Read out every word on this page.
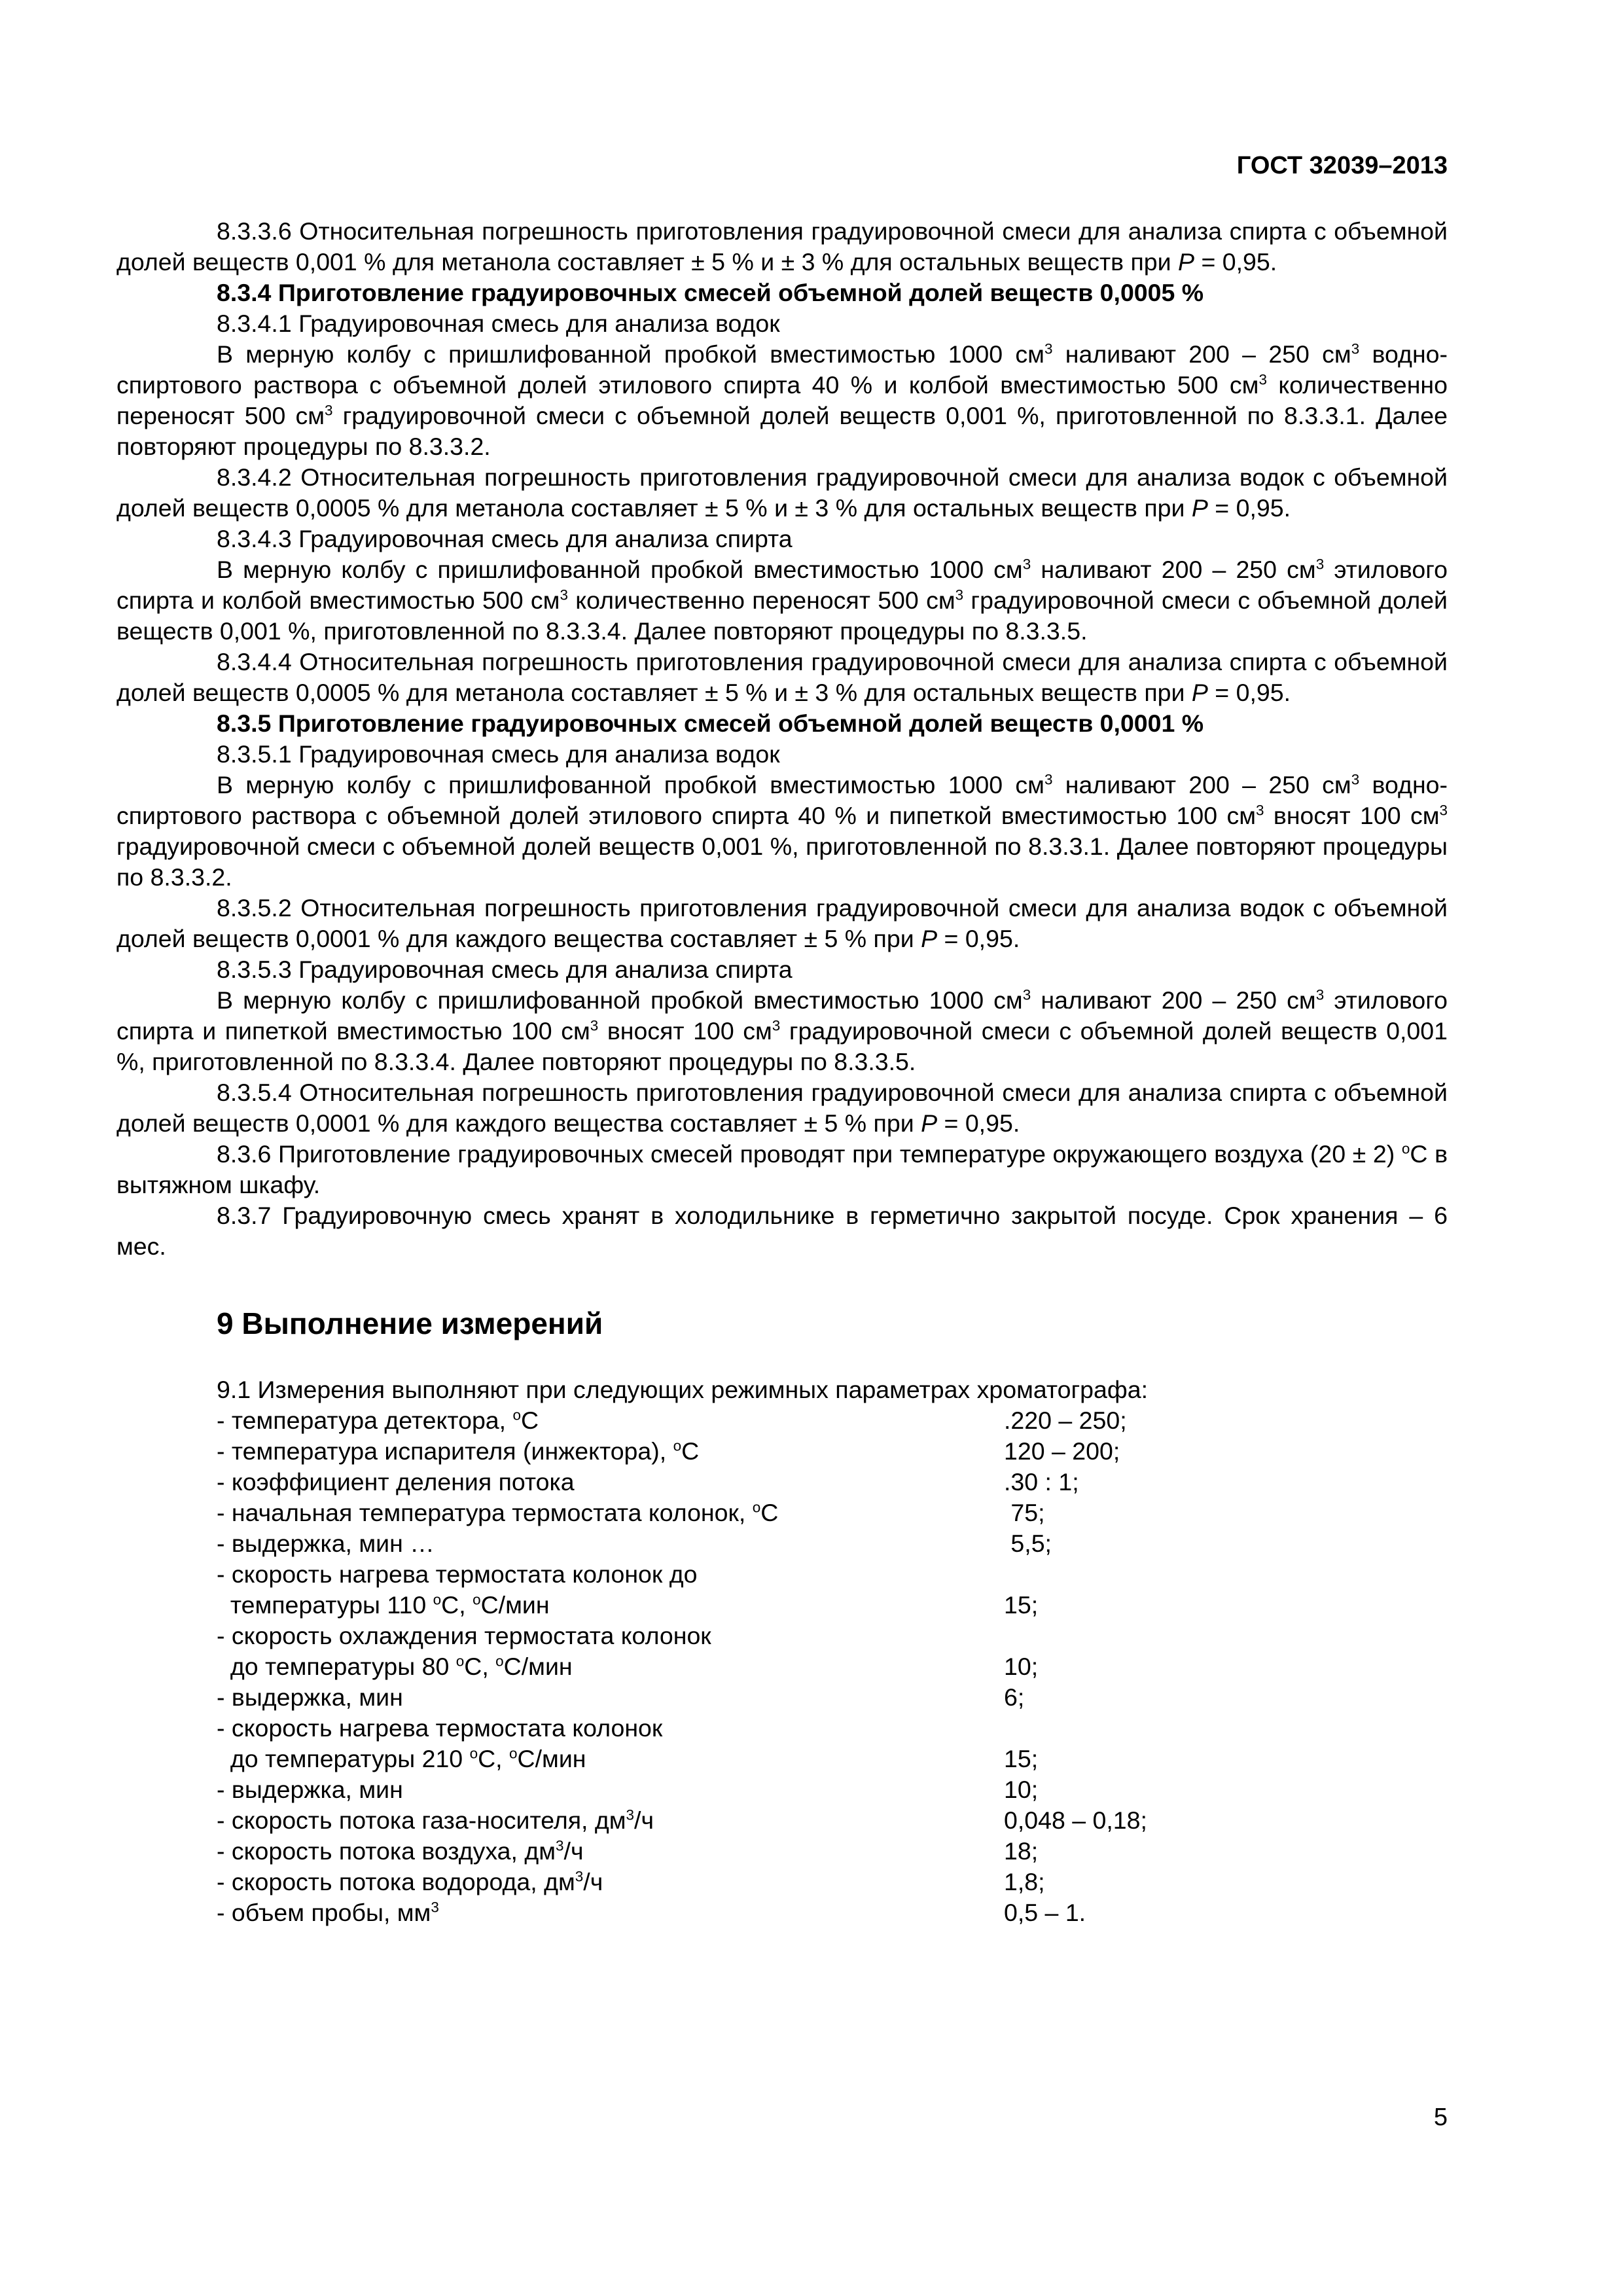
ГОСТ 32039–2013

8.3.3.6 Относительная погрешность приготовления градуировочной смеси для анализа спирта с объемной долей веществ 0,001 % для метанола составляет ± 5 % и ± 3 % для остальных веществ при P = 0,95.

8.3.4 Приготовление градуировочных смесей объемной долей веществ 0,0005 %

8.3.4.1 Градуировочная смесь для анализа водок

В мерную колбу с пришлифованной пробкой вместимостью 1000 $см^3$ наливают 200 – 250 $см^3$ водно-спиртового раствора с объемной долей этилового спирта 40 % и колбой вместимостью 500 $см^3$ количественно переносят 500 $см^3$ градуировочной смеси с объемной долей веществ 0,001 %, приготовленной по 8.3.3.1. Далее повторяют процедуры по 8.3.3.2.

8.3.4.2 Относительная погрешность приготовления градуировочной смеси для анализа водок с объемной долей веществ 0,0005 % для метанола составляет ± 5 % и ± 3 % для остальных веществ при P = 0,95.

8.3.4.3 Градуировочная смесь для анализа спирта

В мерную колбу с пришлифованной пробкой вместимостью 1000 $см^3$ наливают 200 – 250 $см^3$ этилового спирта и колбой вместимостью 500 $см^3$ количественно переносят 500 $см^3$ градуировочной смеси с объемной долей веществ 0,001 %, приготовленной по 8.3.3.4. Далее повторяют процедуры по 8.3.3.5.

8.3.4.4 Относительная погрешность приготовления градуировочной смеси для анализа спирта с объемной долей веществ 0,0005 % для метанола составляет ± 5 % и ± 3 % для остальных веществ при P = 0,95.

8.3.5 Приготовление градуировочных смесей объемной долей веществ 0,0001 %

8.3.5.1 Градуировочная смесь для анализа водок

В мерную колбу с пришлифованной пробкой вместимостью 1000 $см^3$ наливают 200 – 250 $см^3$ водно-спиртового раствора с объемной долей этилового спирта 40 % и пипеткой вместимостью 100 $см^3$ вносят 100 $см^3$ градуировочной смеси с объемной долей веществ 0,001 %, приготовленной по 8.3.3.1. Далее повторяют процедуры по 8.3.3.2.

8.3.5.2 Относительная погрешность приготовления градуировочной смеси для анализа водок с объемной долей веществ 0,0001 % для каждого вещества составляет ± 5 % при P = 0,95.

8.3.5.3 Градуировочная смесь для анализа спирта

В мерную колбу с пришлифованной пробкой вместимостью 1000 $см^3$ наливают 200 – 250 $см^3$ этилового спирта и пипеткой вместимостью 100 $см^3$ вносят 100 $см^3$ градуировочной смеси с объемной долей веществ 0,001 %, приготовленной по 8.3.3.4. Далее повторяют процедуры по 8.3.3.5.

8.3.5.4 Относительная погрешность приготовления градуировочной смеси для анализа спирта с объемной долей веществ 0,0001 % для каждого вещества составляет ± 5 % при P = 0,95.

8.3.6 Приготовление градуировочных смесей проводят при температуре окружающего воздуха (20 ± 2) $^o$С в вытяжном шкафу.

8.3.7 Градуировочную смесь хранят в холодильнике в герметично закрытой посуде. Срок хранения – 6 мес.

9 Выполнение измерений

9.1 Измерения выполняют при следующих режимных параметрах хроматографа:

- температура детектора, $^o$С	.220 – 250;
- температура испарителя (инжектора), $^o$С	120 – 200;
- коэффициент деления потока	.30 : 1;
- начальная температура термостата колонок, $^o$С	75;
- выдержка, мин …	5,5;
- скорость нагрева термостата колонок до
температуры 110 $^o$С, $^o$С/мин	15;
- скорость охлаждения термостата колонок
до температуры 80 $^o$С, $^o$С/мин	10;
- выдержка, мин	6;
- скорость нагрева термостата колонок
до температуры 210 $^o$С, $^o$С/мин	15;
- выдержка, мин	10;
- скорость потока газа-носителя, $дм^3/ч$	0,048 – 0,18;
- скорость потока воздуха, $дм^3/ч$	18;
- скорость потока водорода, $дм^3/ч$	1,8;
- объем пробы, $мм^3$	0,5 – 1.

5
